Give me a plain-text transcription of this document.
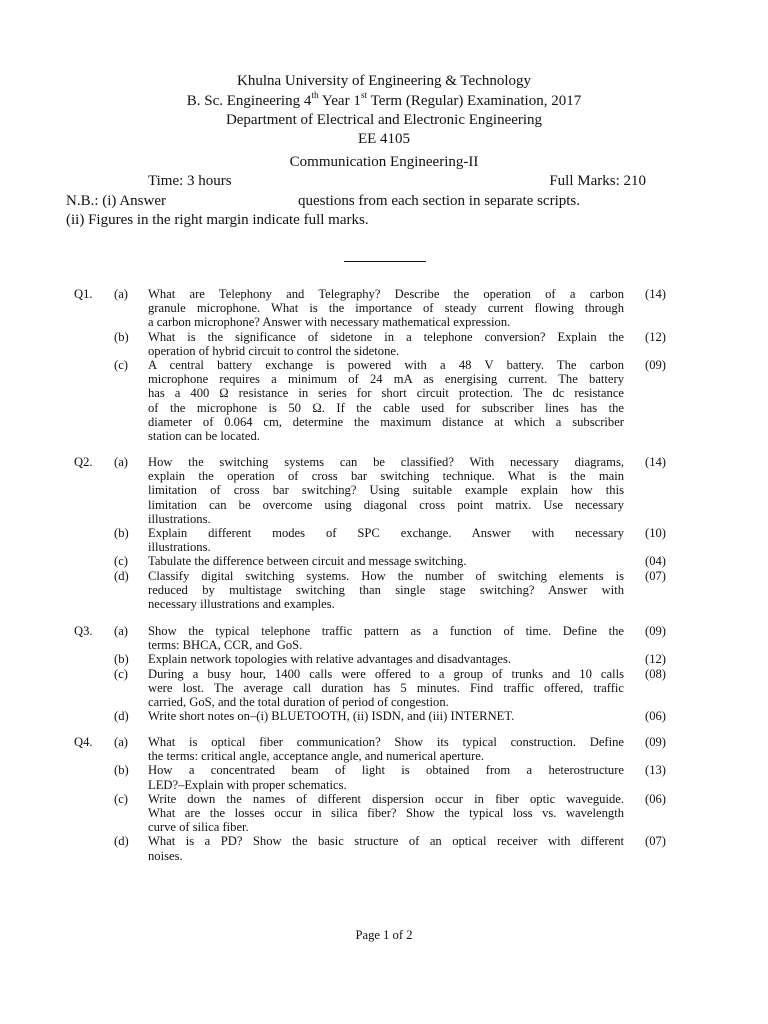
Khulna University of Engineering & Technology
B. Sc. Engineering 4th Year 1st Term (Regular) Examination, 2017
Department of Electrical and Electronic Engineering
EE 4105
Communication Engineering-II
Time: 3 hours	Full Marks: 210
N.B.: (i) Answer	questions from each section in separate scripts.
(ii) Figures in the right margin indicate full marks.
Q1. (a) What are Telephony and Telegraphy? Describe the operation of a carbon
granule microphone. What is the importance of steady current flowing through
a carbon microphone? Answer with necessary mathematical expression.
(14)
(b) What is the significance of sidetone in a telephone conversion? Explain the
operation of hybrid circuit to control the sidetone.
(12)
(c) A central battery exchange is powered with a 48 V battery. The carbon
microphone requires a minimum of 24 mA as energising current. The battery
has a 400 Ω resistance in series for short circuit protection. The dc resistance
of the microphone is 50 Ω. If the cable used for subscriber lines has the
diameter of 0.064 cm, determine the maximum distance at which a subscriber
station can be located.
(09)
Q2. (a) How the switching systems can be classified? With necessary diagrams,
explain the operation of cross bar switching technique. What is the main
limitation of cross bar switching? Using suitable example explain how this
limitation can be overcome using diagonal cross point matrix. Use necessary
illustrations.
(14)
(b) Explain different modes of SPC exchange. Answer with necessary
illustrations.
(10)
(c) Tabulate the difference between circuit and message switching.	(04)
(d) Classify digital switching systems. How the number of switching elements is
reduced by multistage switching than single stage switching? Answer with
necessary illustrations and examples.
(07)
Q3. (a) Show the typical telephone traffic pattern as a function of time. Define the
terms: BHCA, CCR, and GoS.
(09)
(b) Explain network topologies with relative advantages and disadvantages.	(12)
(c) During a busy hour, 1400 calls were offered to a group of trunks and 10 calls
were lost. The average call duration has 5 minutes. Find traffic offered, traffic
carried, GoS, and the total duration of period of congestion.
(08)
(d) Write short notes on–(i) BLUETOOTH, (ii) ISDN, and (iii) INTERNET.	(06)
Q4. (a) What is optical fiber communication? Show its typical construction. Define
the terms: critical angle, acceptance angle, and numerical aperture.
(09)
(b) How a concentrated beam of light is obtained from a heterostructure
LED?–Explain with proper schematics.
(13)
(c) Write down the names of different dispersion occur in fiber optic waveguide.
What are the losses occur in silica fiber? Show the typical loss vs. wavelength
curve of silica fiber.
(06)
(d) What is a PD? Show the basic structure of an optical receiver with different
noises.
(07)
Page 1 of 2
